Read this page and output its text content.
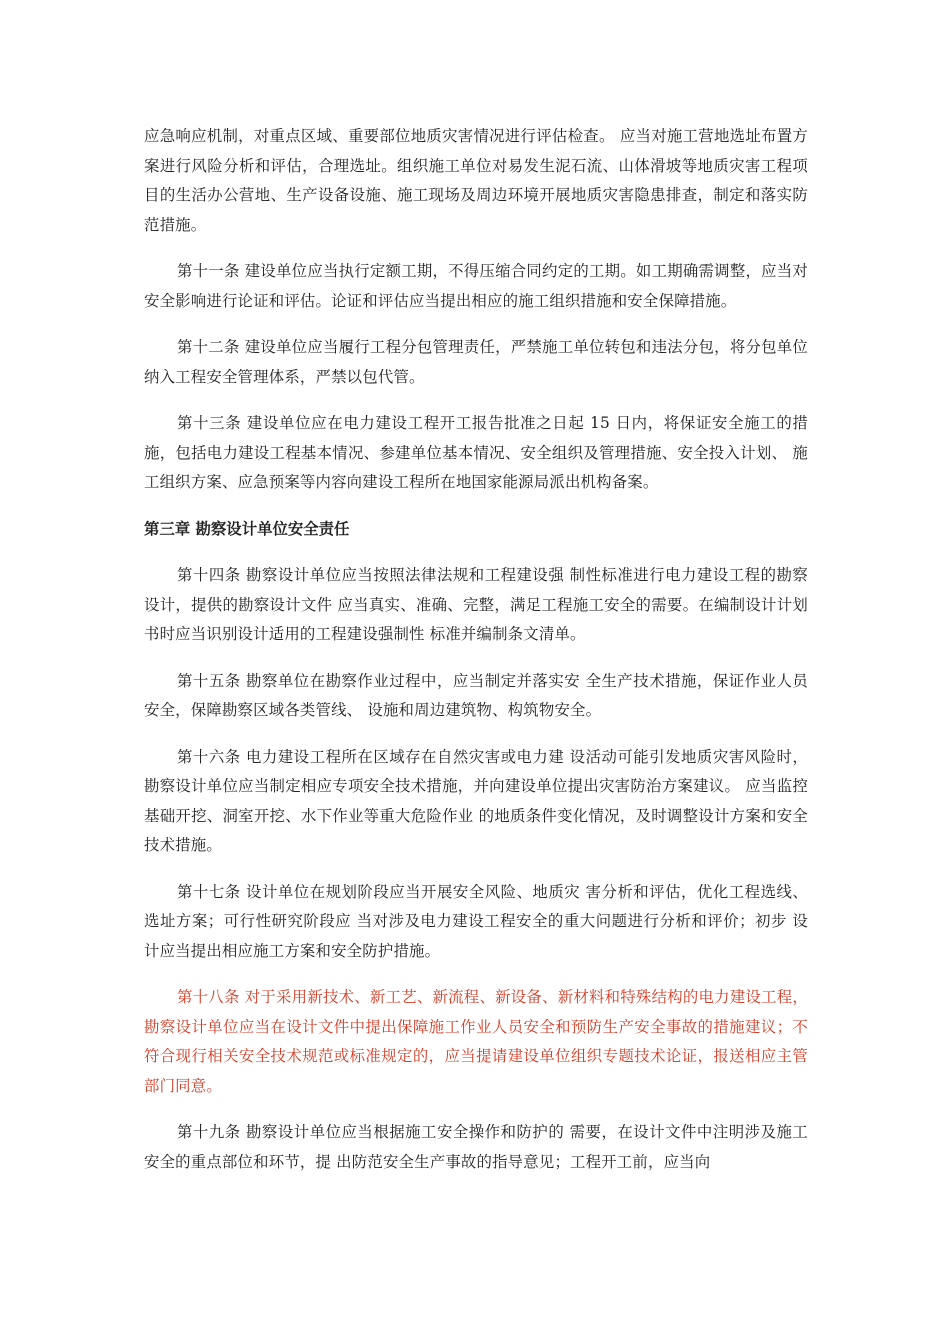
应急响应机制，对重点区域、重要部位地质灾害情况进行评估检查。 应当对施工营地选址布置方案进行风险分析和评估，合理选址。组织施工单位对易发生泥石流、山体滑坡等地质灾害工程项目的生活办公营地、生产设备设施、施工现场及周边环境开展地质灾害隐患排查，制定和落实防范措施。

第十一条 建设单位应当执行定额工期，不得压缩合同约定的工期。如工期确需调整，应当对安全影响进行论证和评估。论证和评估应当提出相应的施工组织措施和安全保障措施。

第十二条 建设单位应当履行工程分包管理责任，严禁施工单位转包和违法分包，将分包单位纳入工程安全管理体系，严禁以包代管。

第十三条 建设单位应在电力建设工程开工报告批准之日起 15 日内，将保证安全施工的措施，包括电力建设工程基本情况、参建单位基本情况、安全组织及管理措施、安全投入计划、 施工组织方案、应急预案等内容向建设工程所在地国家能源局派出机构备案。

第三章 勘察设计单位安全责任

第十四条 勘察设计单位应当按照法律法规和工程建设强 制性标准进行电力建设工程的勘察设计，提供的勘察设计文件 应当真实、准确、完整，满足工程施工安全的需要。在编制设计计划书时应当识别设计适用的工程建设强制性 标准并编制条文清单。

第十五条 勘察单位在勘察作业过程中，应当制定并落实安 全生产技术措施，保证作业人员安全，保障勘察区域各类管线、 设施和周边建筑物、构筑物安全。

第十六条 电力建设工程所在区域存在自然灾害或电力建 设活动可能引发地质灾害风险时，勘察设计单位应当制定相应专项安全技术措施，并向建设单位提出灾害防治方案建议。 应当监控基础开挖、洞室开挖、水下作业等重大危险作业 的地质条件变化情况，及时调整设计方案和安全技术措施。

第十七条 设计单位在规划阶段应当开展安全风险、地质灾 害分析和评估，优化工程选线、选址方案；可行性研究阶段应 当对涉及电力建设工程安全的重大问题进行分析和评价；初步 设计应当提出相应施工方案和安全防护措施。

第十八条 对于采用新技术、新工艺、新流程、新设备、新材料和特殊结构的电力建设工程，勘察设计单位应当在设计文件中提出保障施工作业人员安全和预防生产安全事故的措施建议；不符合现行相关安全技术规范或标准规定的，应当提请建设单位组织专题技术论证，报送相应主管部门同意。

第十九条 勘察设计单位应当根据施工安全操作和防护的 需要，在设计文件中注明涉及施工安全的重点部位和环节，提 出防范安全生产事故的指导意见；工程开工前，应当向
